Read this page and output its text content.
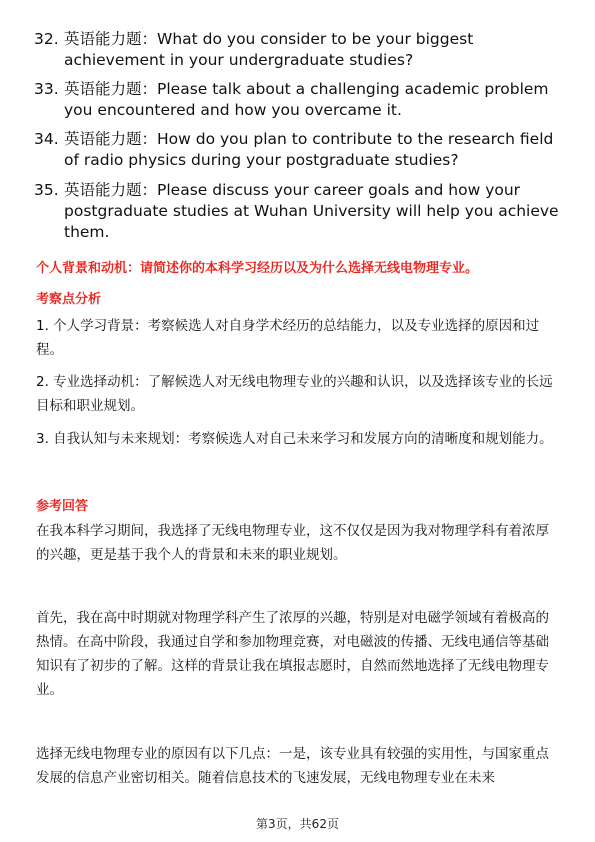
32. 英语能力题：What do you consider to be your biggest achievement in your undergraduate studies?
33. 英语能力题：Please talk about a challenging academic problem you encountered and how you overcame it.
34. 英语能力题：How do you plan to contribute to the research field of radio physics during your postgraduate studies?
35. 英语能力题：Please discuss your career goals and how your postgraduate studies at Wuhan University will help you achieve them.
个人背景和动机：请简述你的本科学习经历以及为什么选择无线电物理专业。
考察点分析
1. 个人学习背景：考察候选人对自身学术经历的总结能力，以及专业选择的原因和过程。
2. 专业选择动机：了解候选人对无线电物理专业的兴趣和认识，以及选择该专业的长远目标和职业规划。
3. 自我认知与未来规划：考察候选人对自己未来学习和发展方向的清晰度和规划能力。
参考回答
在我本科学习期间，我选择了无线电物理专业，这不仅仅是因为我对物理学科有着浓厚的兴趣，更是基于我个人的背景和未来的职业规划。
首先，我在高中时期就对物理学科产生了浓厚的兴趣，特别是对电磁学领域有着极高的热情。在高中阶段，我通过自学和参加物理竞赛，对电磁波的传播、无线电通信等基础知识有了初步的了解。这样的背景让我在填报志愿时，自然而然地选择了无线电物理专业。
选择无线电物理专业的原因有以下几点：一是，该专业具有较强的实用性，与国家重点发展的信息产业密切相关。随着信息技术的飞速发展，无线电物理专业在未来
第3页，共62页
